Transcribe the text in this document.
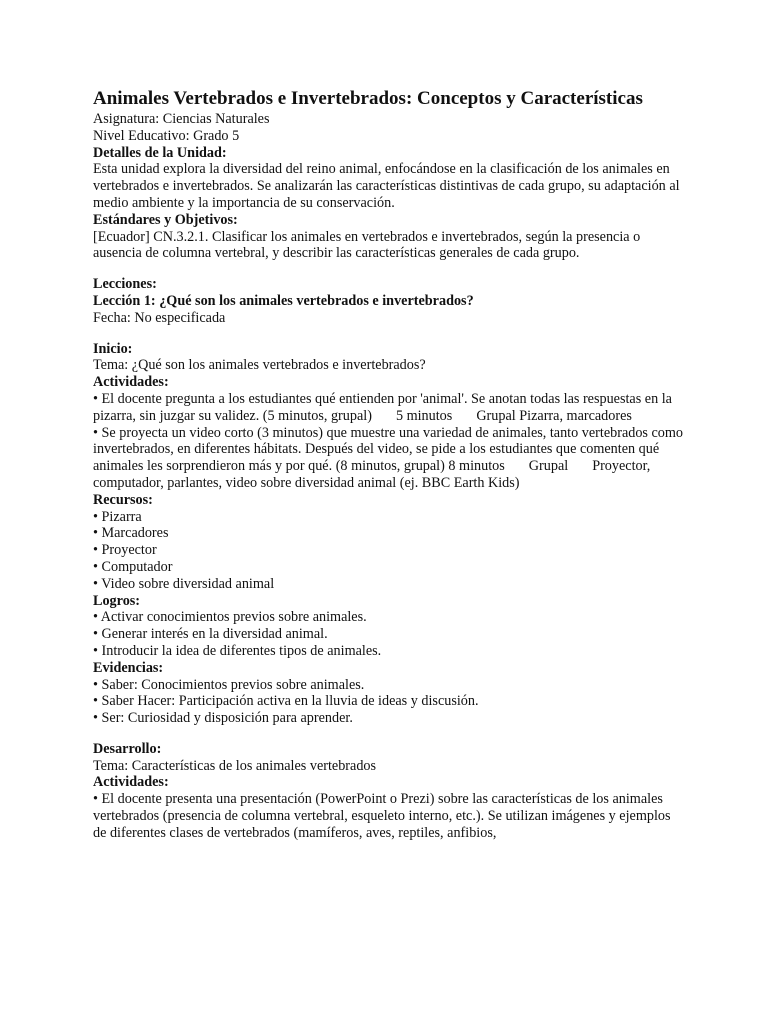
Animales Vertebrados e Invertebrados: Conceptos y Características
Asignatura: Ciencias Naturales
Nivel Educativo: Grado 5
Detalles de la Unidad:
Esta unidad explora la diversidad del reino animal, enfocándose en la clasificación de los animales en vertebrados e invertebrados. Se analizarán las características distintivas de cada grupo, su adaptación al medio ambiente y la importancia de su conservación.
Estándares y Objetivos:
[Ecuador] CN.3.2.1. Clasificar los animales en vertebrados e invertebrados, según la presencia o ausencia de columna vertebral, y describir las características generales de cada grupo.
Lecciones:
Lección 1: ¿Qué son los animales vertebrados e invertebrados?
Fecha: No especificada
Inicio:
Tema: ¿Qué son los animales vertebrados e invertebrados?
Actividades:
• El docente pregunta a los estudiantes qué entienden por 'animal'. Se anotan todas las respuestas en la pizarra, sin juzgar su validez. (5 minutos, grupal) 5 minutos Grupal Pizarra, marcadores
• Se proyecta un video corto (3 minutos) que muestre una variedad de animales, tanto vertebrados como invertebrados, en diferentes hábitats. Después del video, se pide a los estudiantes que comenten qué animales les sorprendieron más y por qué. (8 minutos, grupal) 8 minutos Grupal Proyector, computador, parlantes, video sobre diversidad animal (ej. BBC Earth Kids)
Recursos:
• Pizarra
• Marcadores
• Proyector
• Computador
• Video sobre diversidad animal
Logros:
• Activar conocimientos previos sobre animales.
• Generar interés en la diversidad animal.
• Introducir la idea de diferentes tipos de animales.
Evidencias:
• Saber: Conocimientos previos sobre animales.
• Saber Hacer: Participación activa en la lluvia de ideas y discusión.
• Ser: Curiosidad y disposición para aprender.
Desarrollo:
Tema: Características de los animales vertebrados
Actividades:
• El docente presenta una presentación (PowerPoint o Prezi) sobre las características de los animales vertebrados (presencia de columna vertebral, esqueleto interno, etc.). Se utilizan imágenes y ejemplos de diferentes clases de vertebrados (mamíferos, aves, reptiles, anfibios,
